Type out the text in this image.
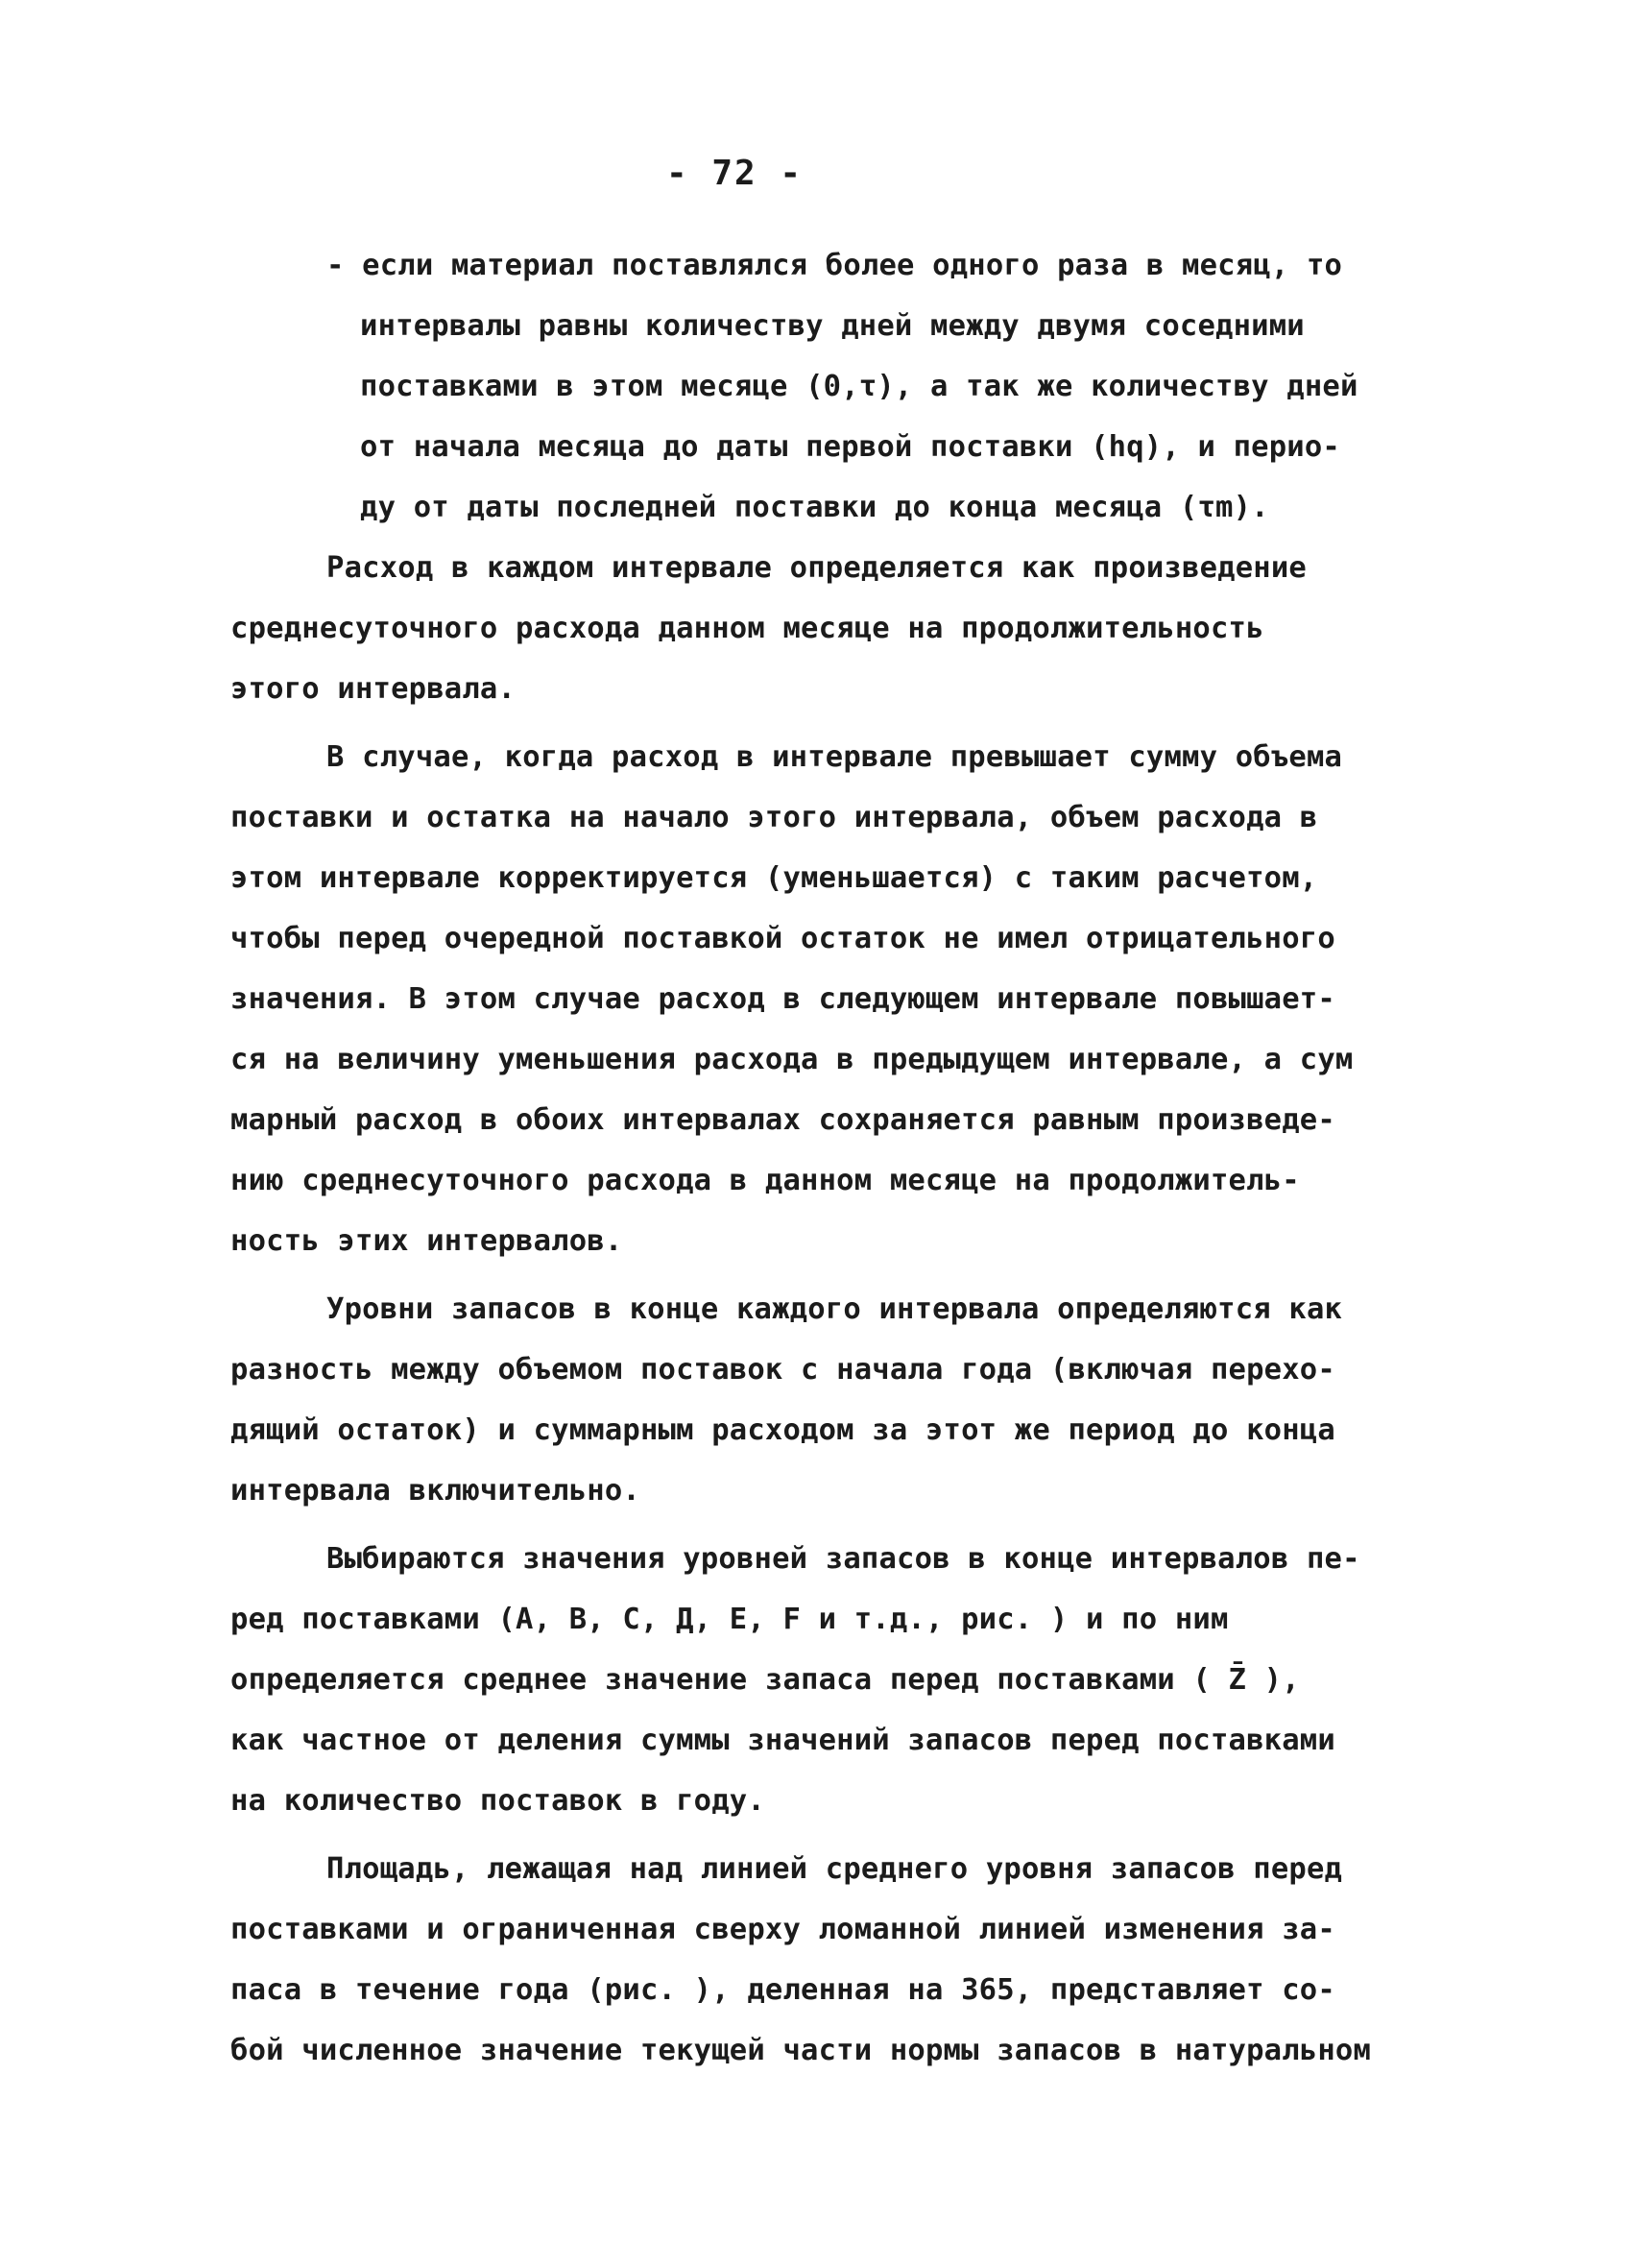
- 72 -
- если материал поставлялся более одного раза в месяц, то
интервалы равны количеству дней между двумя соседними
поставками в этом месяце (0,τ), а так же количеству дней
от начала месяца до даты первой поставки (hq), и перио-
ду от даты последней поставки до конца месяца (τm).
Расход в каждом интервале определяется как произведение
среднесуточного расхода данном месяце на продолжительность
этого интервала.
В случае, когда расход в интервале превышает сумму объема
поставки и остатка на начало этого интервала, объем расхода в
этом интервале корректируется (уменьшается) с таким расчетом,
чтобы перед очередной поставкой остаток не имел отрицательного
значения. В этом случае расход в следующем интервале повышает-
ся на величину уменьшения расхода в предыдущем интервале, а сум
марный расход в обоих интервалах сохраняется равным произведе-
нию среднесуточного расхода в данном месяце на продолжитель-
ность этих интервалов.
Уровни запасов в конце каждого интервала определяются как
разность между объемом поставок с начала года (включая перехо-
дящий остаток) и суммарным расходом за этот же период до конца
интервала включительно.
Выбираются значения уровней запасов в конце интервалов пе-
ред поставками (А, В, С, Д, Е, F и т.д., рис. ) и по ним
определяется среднее значение запаса перед поставками ( Z̄ ),
как частное от деления суммы значений запасов перед поставками
на количество поставок в году.
Площадь, лежащая над линией среднего уровня запасов перед
поставками и ограниченная сверху ломанной линией изменения за-
паса в течение года (рис. ), деленная на 365, представляет со-
бой численное значение текущей части нормы запасов в натуральном
